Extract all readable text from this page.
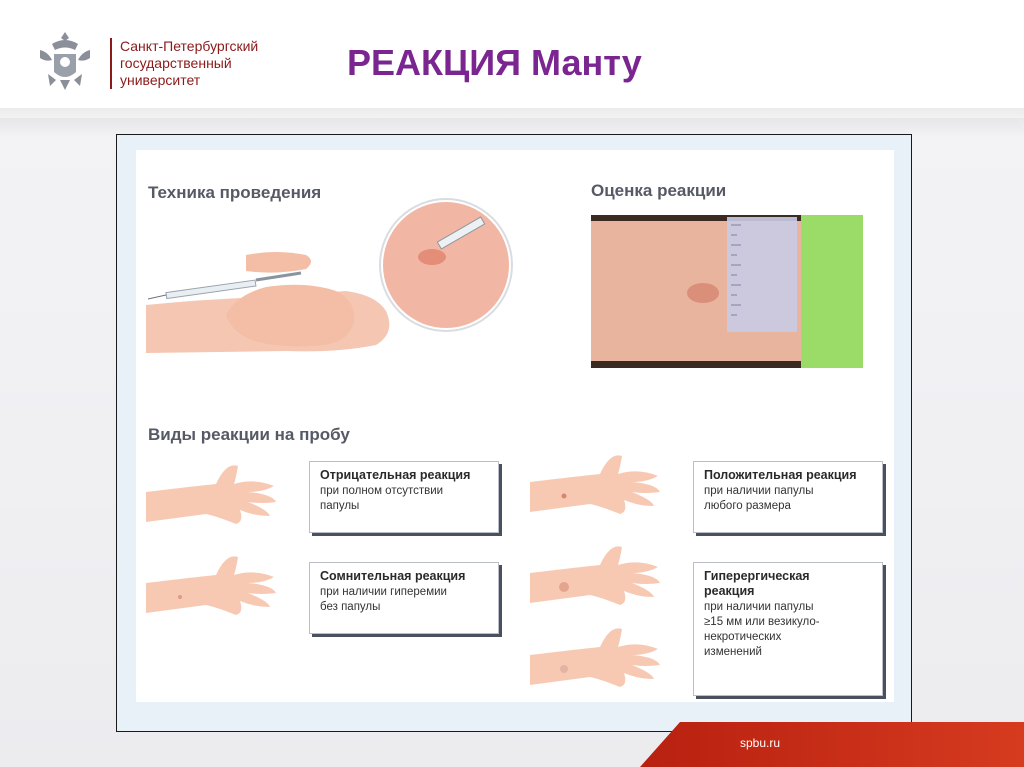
Санкт-Петербургский
государственный
университет	РЕАКЦИЯ Манту
Техника проведения	Оценка реакции
Виды реакции на пробу
Отрицательная реакция
при полном отсутствии
папулы
Сомнительная реакция
при наличии гиперемии
без папулы
Положительная реакция
при наличии папулы
любого размера
Гиперергическая
реакция
при наличии папулы
≥15 мм или везикуло-
некротических
изменений
spbu.ru
